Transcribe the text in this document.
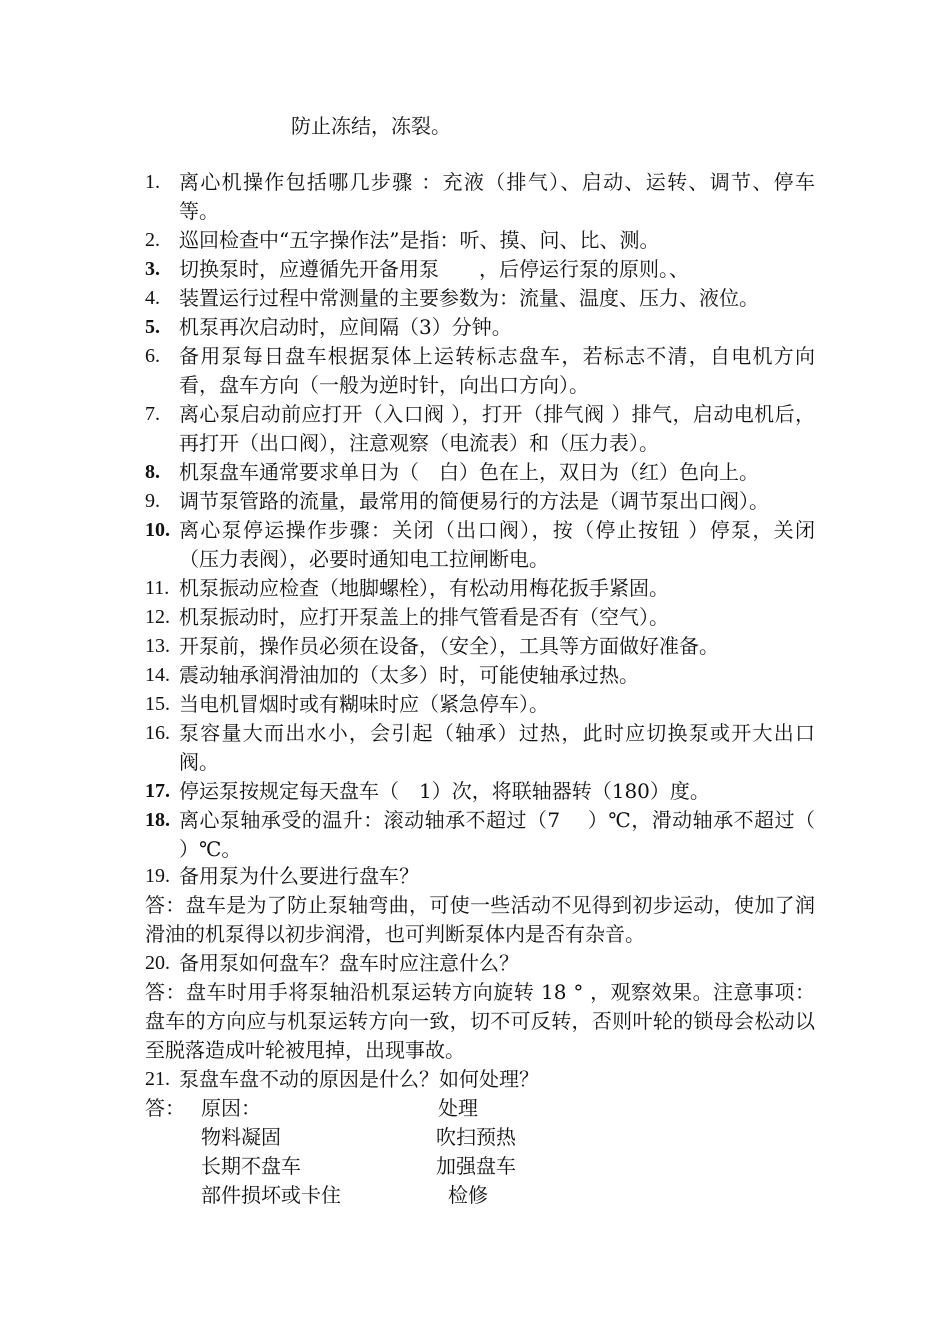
防止冻结，冻裂。
1. 离心机操作包括哪几步骤 ：充液（排气）、启动、运转、调节、停车等。
2. 巡回检查中“五字操作法”是指：听、摸、问、比、测。
3. 切换泵时，应遵循先开备用泵　　，后停运行泵的原则。、
4. 装置运行过程中常测量的主要参数为：流量、温度、压力、液位。
5. 机泵再次启动时，应间隔（3）分钟。
6. 备用泵每日盘车根据泵体上运转标志盘车，若标志不清，自电机方向看，盘车方向（一般为逆时针，向出口方向）。
7. 离心泵启动前应打开（入口阀 ），打开（排气阀 ）排气，启动电机后，再打开（出口阀），注意观察（电流表）和（压力表）。
8. 机泵盘车通常要求单日为（　白）色在上，双日为（红）色向上。
9. 调节泵管路的流量，最常用的简便易行的方法是（调节泵出口阀）。
10. 离心泵停运操作步骤：关闭（出口阀），按（停止按钮 ）停泵，关闭（压力表阀），必要时通知电工拉闸断电。
11. 机泵振动应检查（地脚螺栓），有松动用梅花扳手紧固。
12. 机泵振动时，应打开泵盖上的排气管看是否有（空气）。
13. 开泵前，操作员必须在设备，（安全），工具等方面做好准备。
14. 震动轴承润滑油加的（太多）时，可能使轴承过热。
15. 当电机冒烟时或有糊味时应（紧急停车）。
16. 泵容量大而出水小，会引起（轴承）过热，此时应切换泵或开大出口阀。
17. 停运泵按规定每天盘车（　1）次，将联轴器转（180）度。
18. 离心泵轴承受的温升：滚动轴承不超过（7　 ）℃，滑动轴承不超过（　 ）℃。
19. 备用泵为什么要进行盘车？
答：盘车是为了防止泵轴弯曲，可使一些活动不见得到初步运动，使加了润滑油的机泵得以初步润滑，也可判断泵体内是否有杂音。
20. 备用泵如何盘车？盘车时应注意什么？
答：盘车时用手将泵轴沿机泵运转方向旋转 18 ° ，观察效果。注意事项：盘车的方向应与机泵运转方向一致，切不可反转，否则叶轮的锁母会松动以至脱落造成叶轮被甩掉，出现事故。
21. 泵盘车盘不动的原因是什么？如何处理？
答： 原因：	处理
物料凝固	吹扫预热
长期不盘车	加强盘车
部件损坏或卡住	检修
